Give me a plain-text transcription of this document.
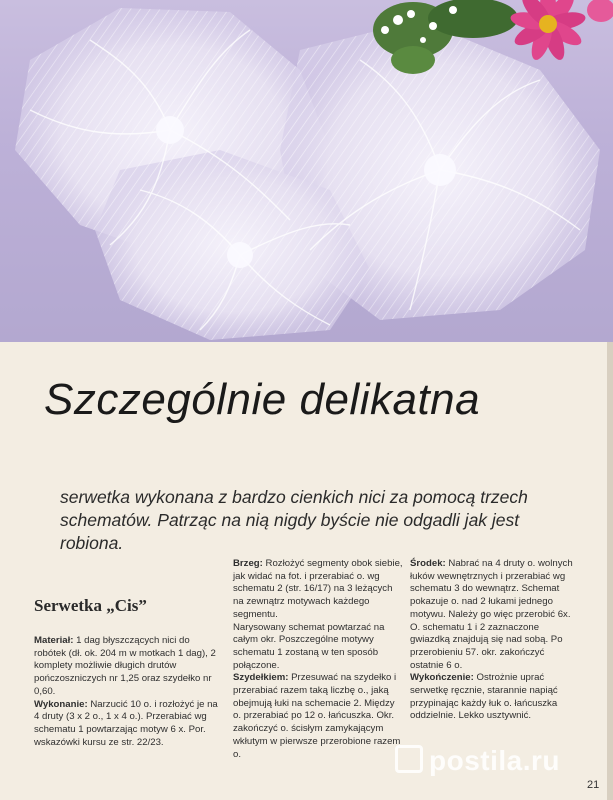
Szczególnie delikatna
serwetka wykonana z bardzo cienkich nici za pomocą trzech schematów. Patrząc na nią nigdy byście nie odgadli jak jest robiona.
Serwetka „Cis”

Materiał: 1 dag błyszczących nici do robótek (dł. ok. 204 m w motkach 1 dag), 2 komplety możliwie długich drutów pończoszniczych nr 1,25 oraz szydełko nr 0,60.

Wykonanie: Narzucić 10 o. i rozłożyć je na 4 druty (3 x 2 o., 1 x 4 o.). Przerabiać wg schematu 1 powtarzając motyw 6 x. Por. wskazówki kursu ze str. 22/23.

Brzeg: Rozłożyć segmenty obok siebie, jak widać na fot. i przerabiać o. wg schematu 2 (str. 16/17) na 3 leżących na zewnątrz motywach każdego segmentu.

Narysowany schemat powtarzać na całym okr. Poszczególne motywy schematu 1 zostaną w ten sposób połączone.

Szydełkiem: Przesuwać na szydełko i przerabiać razem taką liczbę o., jaką obejmują łuki na schemacie 2. Między o. przerabiać po 12 o. łańcuszka. Okr. zakończyć o. ścisłym zamykającym wkłutym w pierwsze przerobione razem o.

Środek: Nabrać na 4 druty o. wolnych łuków wewnętrznych i przerabiać wg schematu 3 do wewnątrz. Schemat pokazuje o. nad 2 łukami jednego motywu. Należy go więc przerobić 6x.

O. schematu 1 i 2 zaznaczone gwiazdką znajdują się nad sobą. Po przerobieniu 57. okr. zakończyć ostatnie 6 o.

Wykończenie: Ostrożnie uprać serwetkę ręcznie, starannie napiąć przypinając każdy łuk o. łańcuszka oddzielnie. Lekko usztywnić.

postila.ru
21
